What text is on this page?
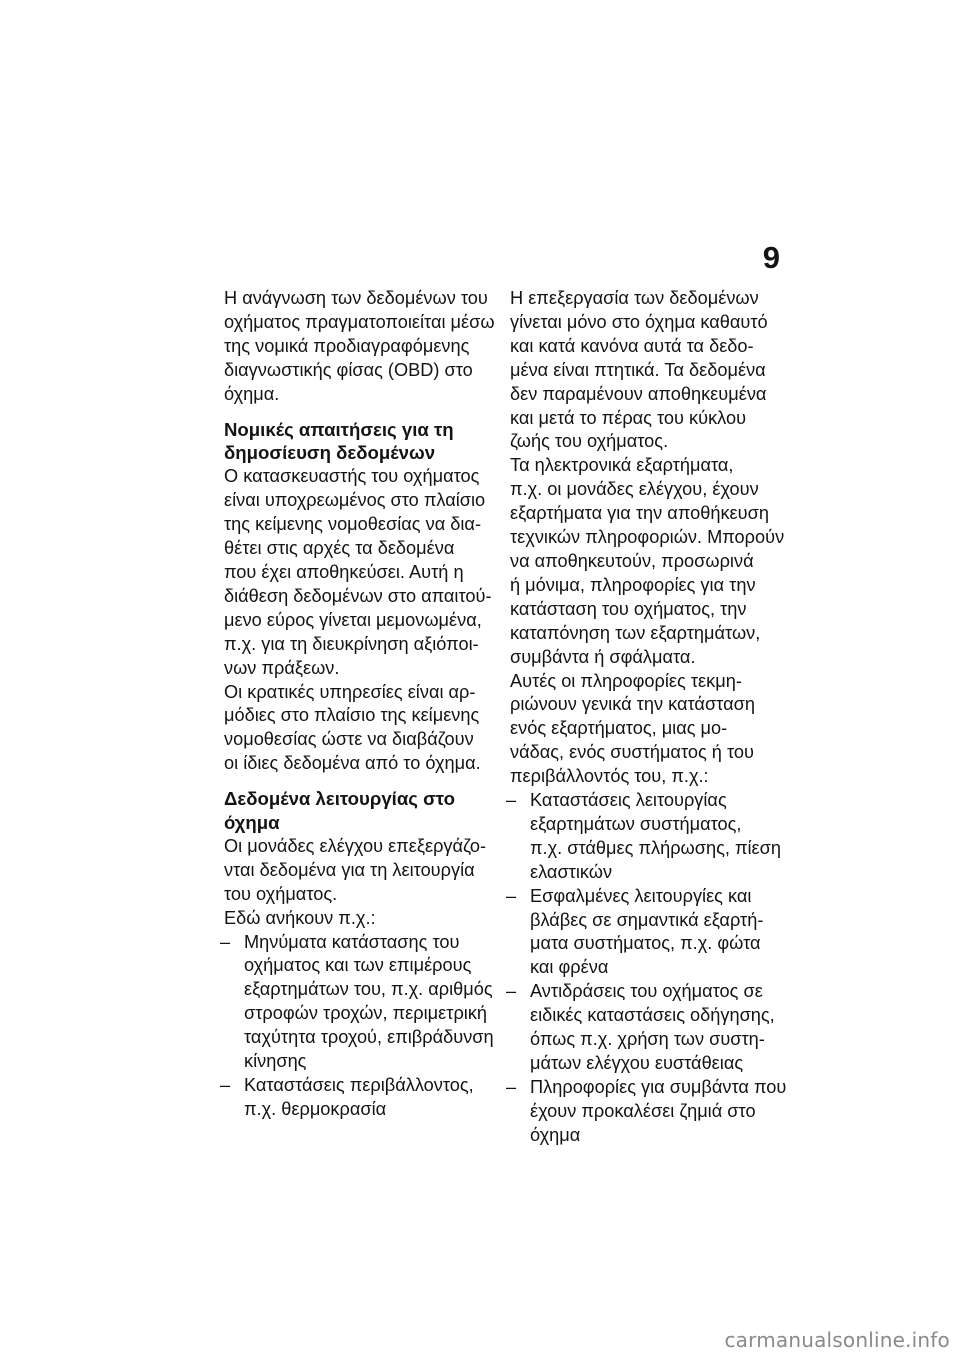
9

Η ανάγνωση των δεδομένων του

οχήματος πραγματοποιείται μέσω

της νομικά προδιαγραφόμενης

διαγνωστικής φίσας (OBD) στο

όχημα.

Νομικές απαιτήσεις για τη
δημοσίευση δεδομένων

Ο κατασκευαστής του οχήματος

είναι υποχρεωμένος στο πλαίσιο

της κείμενης νομοθεσίας να δια‐

θέτει στις αρχές τα δεδομένα

που έχει αποθηκεύσει. Αυτή η

διάθεση δεδομένων στο απαιτού‐

μενο εύρος γίνεται μεμονωμένα,

π.χ. για τη διευκρίνηση αξιόποι‐

νων πράξεων.

Οι κρατικές υπηρεσίες είναι αρ‐

μόδιες στο πλαίσιο της κείμενης

νομοθεσίας ώστε να διαβάζουν

οι ίδιες δεδομένα από το όχημα.

Δεδομένα λειτουργίας στο
όχημα

Οι μονάδες ελέγχου επεξεργάζο‐

νται δεδομένα για τη λειτουργία

του οχήματος.

Εδώ ανήκουν π.χ.:

– Μηνύματα κατάστασης του
οχήματος και των επιμέρους
εξαρτημάτων του, π.χ. αριθμός
στροφών τροχών, περιμετρική
ταχύτητα τροχού, επιβράδυνση
κίνησης
– Καταστάσεις περιβάλλοντος,
π.χ. θερμοκρασία

Η επεξεργασία των δεδομένων

γίνεται μόνο στο όχημα καθαυτό

και κατά κανόνα αυτά τα δεδο‐

μένα είναι πτητικά. Τα δεδομένα

δεν παραμένουν αποθηκευμένα

και μετά το πέρας του κύκλου

ζωής του οχήματος.

Τα ηλεκτρονικά εξαρτήματα,

π.χ. οι μονάδες ελέγχου, έχουν

εξαρτήματα για την αποθήκευση

τεχνικών πληροφοριών. Μπορούν

να αποθηκευτούν, προσωρινά

ή μόνιμα, πληροφορίες για την

κατάσταση του οχήματος, την

καταπόνηση των εξαρτημάτων,

συμβάντα ή σφάλματα.

Αυτές οι πληροφορίες τεκμη‐

ριώνουν γενικά την κατάσταση

ενός εξαρτήματος, μιας μο‐

νάδας, ενός συστήματος ή του

περιβάλλοντός του, π.χ.:

– Καταστάσεις λειτουργίας
εξαρτημάτων συστήματος,
π.χ. στάθμες πλήρωσης, πίεση
ελαστικών
– Εσφαλμένες λειτουργίες και
βλάβες σε σημαντικά εξαρτή‐
ματα συστήματος, π.χ. φώτα
και φρένα
– Αντιδράσεις του οχήματος σε
ειδικές καταστάσεις οδήγησης,
όπως π.χ. χρήση των συστη‐
μάτων ελέγχου ευστάθειας
– Πληροφορίες για συμβάντα που
έχουν προκαλέσει ζημιά στο
όχημα
carmanualsonline.info
